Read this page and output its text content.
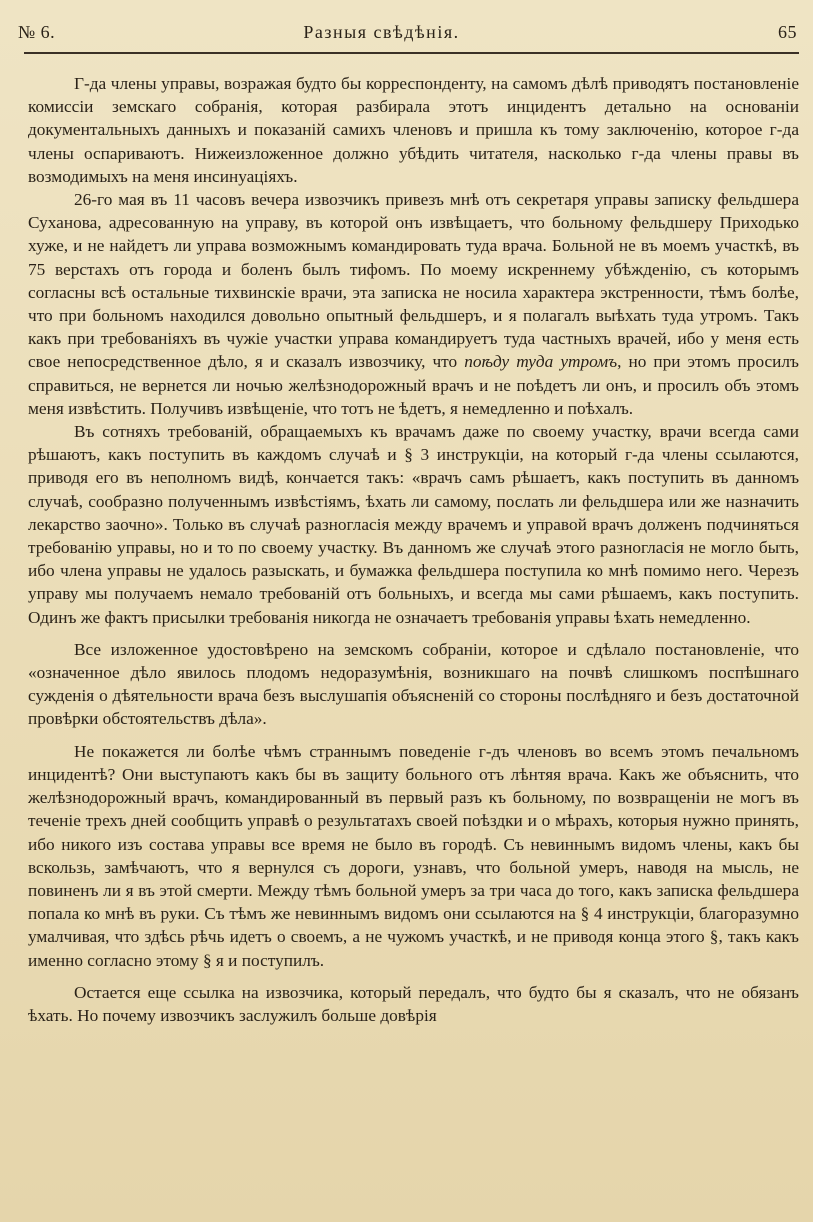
№ 6.	Разныя свѣдѣнія.	65

Г-да члены управы, возражая будто бы корреспонденту, на самомъ дѣлѣ приводятъ постановленіе комиссіи земскаго собранія, которая разбирала этотъ инцидентъ детально на основаніи документальныхъ данныхъ и показаній самихъ членовъ и пришла къ тому заключенію, которое г-да члены оспариваютъ. Нижеизложенное должно убѣдить читателя, насколько г-да члены правы въ возмодимыхъ на меня инсинуаціяхъ.

26-го мая въ 11 часовъ вечера извозчикъ привезъ мнѣ отъ секретаря управы записку фельдшера Суханова, адресованную на управу, въ которой онъ извѣщаетъ, что больному фельдшеру Приходько хуже, и не найдетъ ли управа возможнымъ командировать туда врача. Больной не въ моемъ участкѣ, въ 75 верстахъ отъ города и боленъ былъ тифомъ. По моему искреннему убѣжденію, съ которымъ согласны всѣ остальные тихвинскіе врачи, эта записка не носила характера экстренности, тѣмъ болѣе, что при больномъ находился довольно опытный фельдшеръ, и я полагалъ выѣхать туда утромъ. Такъ какъ при требованіяхъ въ чужіе участки управа командируетъ туда частныхъ врачей, ибо у меня есть свое непосредственное дѣло, я и сказалъ извозчику, что поѣду туда утромъ, но при этомъ просилъ справиться, не вернется ли ночью желѣзнодорожный врачъ и не поѣдетъ ли онъ, и просилъ объ этомъ меня извѣстить. Получивъ извѣщеніе, что тотъ не ѣдетъ, я немедленно и поѣхалъ.

Въ сотняхъ требованій, обращаемыхъ къ врачамъ даже по своему участку, врачи всегда сами рѣшаютъ, какъ поступить въ каждомъ случаѣ и § 3 инструкціи, на который г-да члены ссылаются, приводя его въ неполномъ видѣ, кончается такъ: «врачъ самъ рѣшаетъ, какъ поступить въ данномъ случаѣ, сообразно полученнымъ извѣстіямъ, ѣхать ли самому, послать ли фельдшера или же назначить лекарство заочно». Только въ случаѣ разногласія между врачемъ и управой врачъ долженъ подчиняться требованію управы, но и то по своему участку. Въ данномъ же случаѣ этого разногласія не могло быть, ибо члена управы не удалось разыскать, и бумажка фельдшера поступила ко мнѣ помимо него. Черезъ управу мы получаемъ немало требованій отъ больныхъ, и всегда мы сами рѣшаемъ, какъ поступить. Одинъ же фактъ присылки требованія никогда не означаетъ требованія управы ѣхать немедленно.

Все изложенное удостовѣрено на земскомъ собраніи, которое и сдѣлало постановленіе, что «означенное дѣло явилось плодомъ недоразумѣнія, возникшаго на почвѣ слишкомъ поспѣшнаго сужденія о дѣятельности врача безъ выслушапія объясненій со стороны послѣдняго и безъ достаточной провѣрки обстоятельствъ дѣла».

Не покажется ли болѣе чѣмъ страннымъ поведеніе г-дъ членовъ во всемъ этомъ печальномъ инцидентѣ? Они выступаютъ какъ бы въ защиту больного отъ лѣнтяя врача. Какъ же объяснить, что желѣзнодорожный врачъ, командированный въ первый разъ къ больному, по возвращеніи не могъ въ теченіе трехъ дней сообщить управѣ о результатахъ своей поѣздки и о мѣрахъ, которыя нужно принять, ибо никого изъ состава управы все время не было въ городѣ. Съ невиннымъ видомъ члены, какъ бы вскользь, замѣчаютъ, что я вернулся съ дороги, узнавъ, что больной умеръ, наводя на мысль, не повиненъ ли я въ этой смерти. Между тѣмъ больной умеръ за три часа до того, какъ записка фельдшера попала ко мнѣ въ руки. Съ тѣмъ же невиннымъ видомъ они ссылаются на § 4 инструкціи, благоразумно умалчивая, что здѣсь рѣчь идетъ о своемъ, а не чужомъ участкѣ, и не приводя конца этого §, такъ какъ именно согласно этому § я и поступилъ.

Остается еще ссылка на извозчика, который передалъ, что будто бы я сказалъ, что не обязанъ ѣхать. Но почему извозчикъ заслужилъ больше довѣрія
